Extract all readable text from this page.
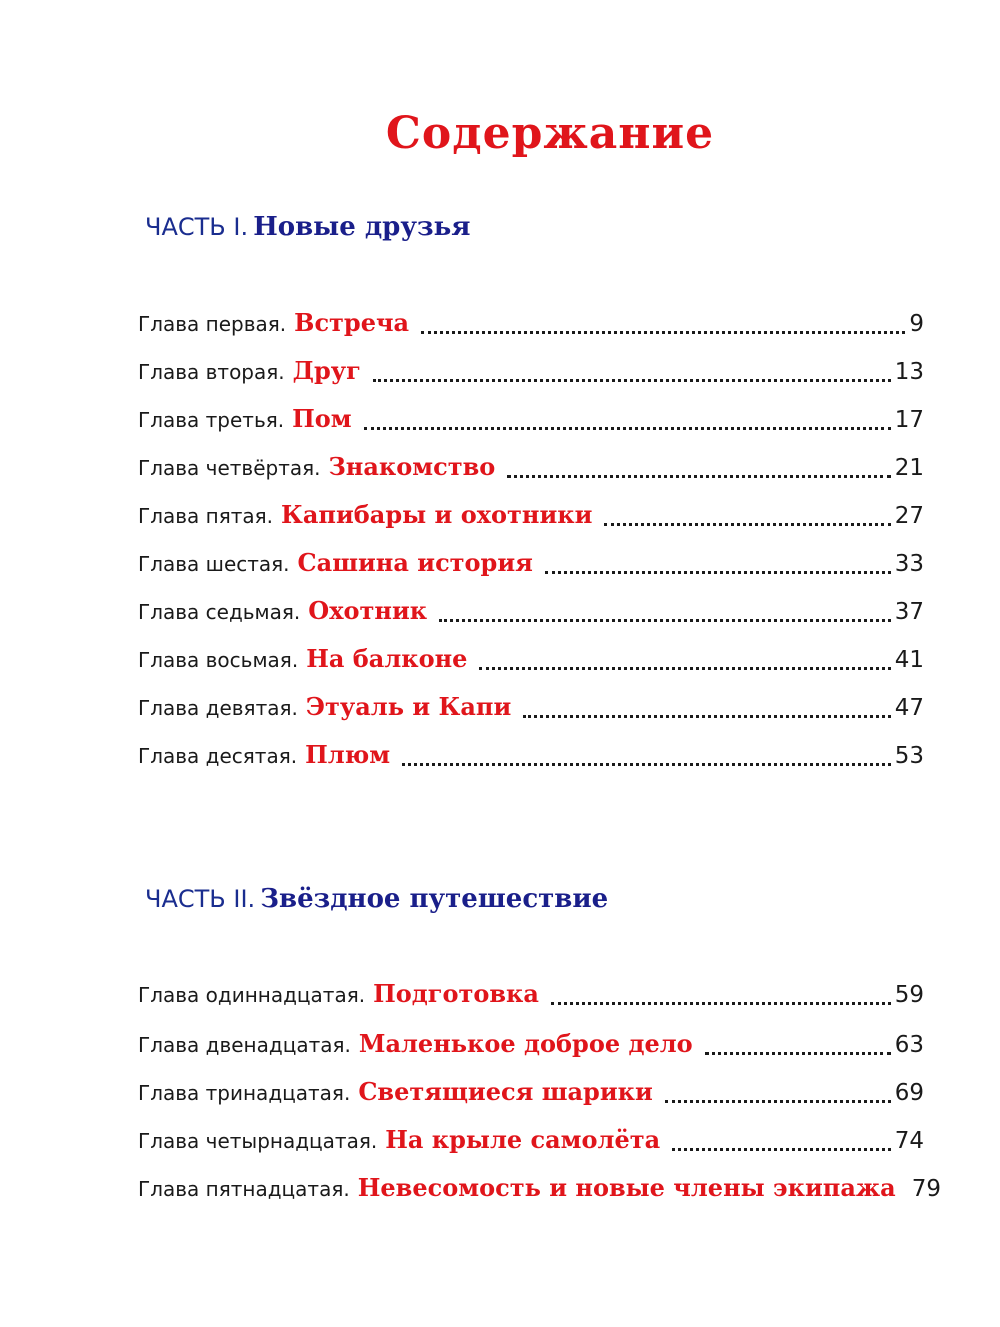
Содержание
ЧАСТЬ I. Новые друзья
Глава первая. Встреча	9
Глава вторая. Друг	13
Глава третья. Пом	17
Глава четвёртая. Знакомство	21
Глава пятая. Капибары и охотники	27
Глава шестая. Сашина история	33
Глава седьмая. Охотник	37
Глава восьмая. На балконе	41
Глава девятая. Этуаль и Капи	47
Глава десятая. Плюм	53
ЧАСТЬ II. Звёздное путешествие
Глава одиннадцатая. Подготовка	59
Глава двенадцатая. Маленькое доброе дело	63
Глава тринадцатая. Светящиеся шарики	69
Глава четырнадцатая. На крыле самолёта	74
Глава пятнадцатая. Невесомость и новые члены экипажа 79
